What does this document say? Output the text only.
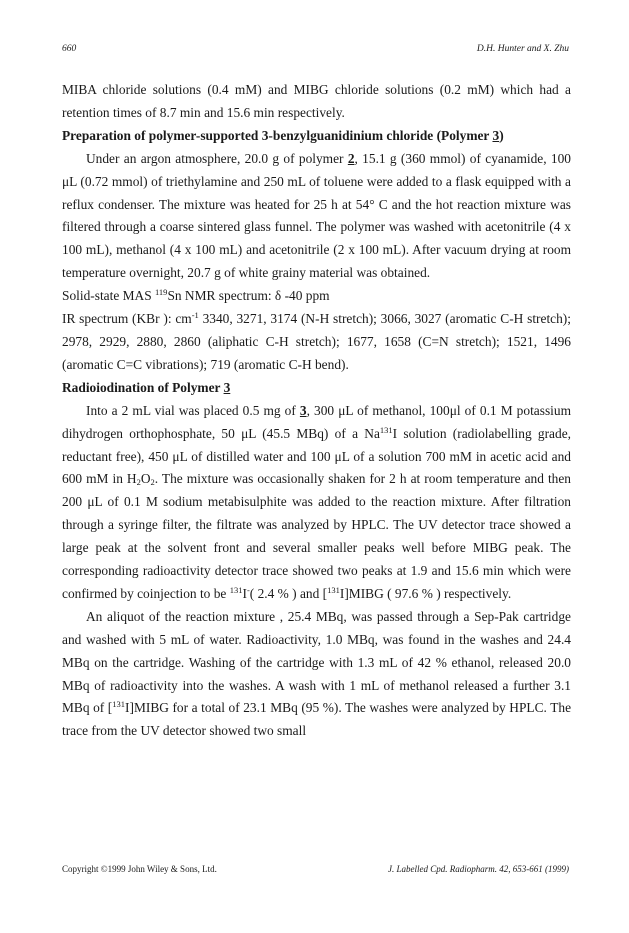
660	D.H. Hunter and X. Zhu

MIBA chloride solutions (0.4 mM) and MIBG chloride solutions (0.2 mM) which had a retention times of 8.7 min and 15.6 min respectively.

Preparation of polymer-supported 3-benzylguanidinium chloride (Polymer 3)

Under an argon atmosphere, 20.0 g of polymer 2, 15.1 g (360 mmol) of cyanamide, 100 μL (0.72 mmol) of triethylamine and 250 mL of toluene were added to a flask equipped with a reflux condenser. The mixture was heated for 25 h at 54° C and the hot reaction mixture was filtered through a coarse sintered glass funnel. The polymer was washed with acetonitrile (4 x 100 mL), methanol (4 x 100 mL) and acetonitrile (2 x 100 mL). After vacuum drying at room temperature overnight, 20.7 g of white grainy material was obtained.

Solid-state MAS $^{119}$Sn NMR spectrum: δ -40 ppm

IR spectrum (KBr ): $cm^{-1}$ 3340, 3271, 3174 (N-H stretch); 3066, 3027 (aromatic C-H stretch); 2978, 2929, 2880, 2860 (aliphatic C-H stretch); 1677, 1658 (C=N stretch); 1521, 1496 (aromatic C=C vibrations); 719 (aromatic C-H bend).

Radioiodination of Polymer 3

Into a 2 mL vial was placed 0.5 mg of 3, 300 μL of methanol, 100μl of 0.1 M potassium dihydrogen orthophosphate, 50 μL (45.5 MBq) of a Na$^{131}$I solution (radiolabelling grade, reductant free), 450 μL of distilled water and 100 μL of a solution 700 mM in acetic acid and 600 mM in $H_2O_2$. The mixture was occasionally shaken for 2 h at room temperature and then 200 μL of 0.1 M sodium metabisulphite was added to the reaction mixture. After filtration through a syringe filter, the filtrate was analyzed by HPLC. The UV detector trace showed a large peak at the solvent front and several smaller peaks well before MIBG peak. The corresponding radioactivity detector trace showed two peaks at 1.9 and 15.6 min which were confirmed by coinjection to be $^{131}$I-( 2.4 % ) and [$^{131}$I]MIBG ( 97.6 % ) respectively.

An aliquot of the reaction mixture , 25.4 MBq, was passed through a Sep-Pak cartridge and washed with 5 mL of water. Radioactivity, 1.0 MBq, was found in the washes and 24.4 MBq on the cartridge. Washing of the cartridge with 1.3 mL of 42 % ethanol, released 20.0 MBq of radioactivity into the washes. A wash with 1 mL of methanol released a further 3.1 MBq of [$^{131}$I]MIBG for a total of 23.1 MBq (95 %). The washes were analyzed by HPLC. The trace from the UV detector showed two small

Copyright ©1999 John Wiley & Sons, Ltd.	J. Labelled Cpd. Radiopharm. 42, 653-661 (1999)
